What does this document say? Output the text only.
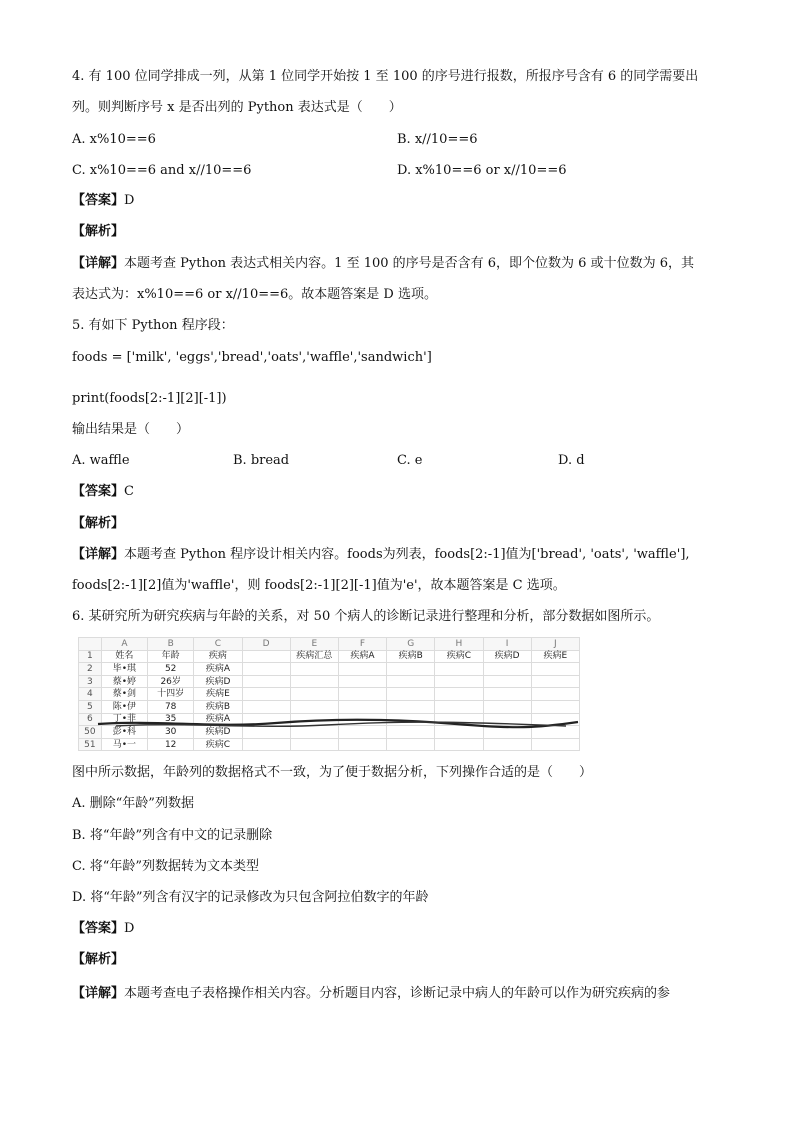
4. 有 100 位同学排成一列，从第 1 位同学开始按 1 至 100 的序号进行报数，所报序号含有 6 的同学需要出
列。则判断序号 x 是否出列的 Python 表达式是（　　）
A. x%10==6	B. x//10==6
C. x%10==6 and x//10==6	D. x%10==6 or x//10==6
【答案】D
【解析】
【详解】本题考查 Python 表达式相关内容。1 至 100 的序号是否含有 6，即个位数为 6 或十位数为 6，其
表达式为：x%10==6 or x//10==6。故本题答案是 D 选项。
5. 有如下 Python 程序段：
foods = ['milk', 'eggs','bread','oats','waffle','sandwich']
print(foods[2:-1][2][-1])
输出结果是（　　）
A. waffle	B. bread	C. e	D. d
【答案】C
【解析】
【详解】本题考查 Python 程序设计相关内容。foods为列表，foods[2:-1]值为['bread', 'oats', 'waffle'],
foods[2:-1][2]值为'waffle'，则 foods[2:-1][2][-1]值为'e'，故本题答案是 C 选项。
6. 某研究所为研究疾病与年龄的关系，对 50 个病人的诊断记录进行整理和分析，部分数据如图所示。
	A	B	C	D	E	F	G	H	I	J
1	姓名	年龄	疾病		疾病汇总	疾病A	疾病B	疾病C	疾病D	疾病E
2	毕•琪	52	疾病A							
3	蔡•婷	26岁	疾病D							
4	蔡•剑	十四岁	疾病E							
5	陈•伊	78	疾病B							
6	丁•菲	35	疾病A							
50	彭•科	30	疾病D							
51	马•一	12	疾病C							
图中所示数据，年龄列的数据格式不一致，为了便于数据分析，下列操作合适的是（　　）
A. 删除“年龄”列数据
B. 将“年龄”列含有中文的记录删除
C. 将“年龄”列数据转为文本类型
D. 将“年龄”列含有汉字的记录修改为只包含阿拉伯数字的年龄
【答案】D
【解析】
【详解】本题考查电子表格操作相关内容。分析题目内容，诊断记录中病人的年龄可以作为研究疾病的参
